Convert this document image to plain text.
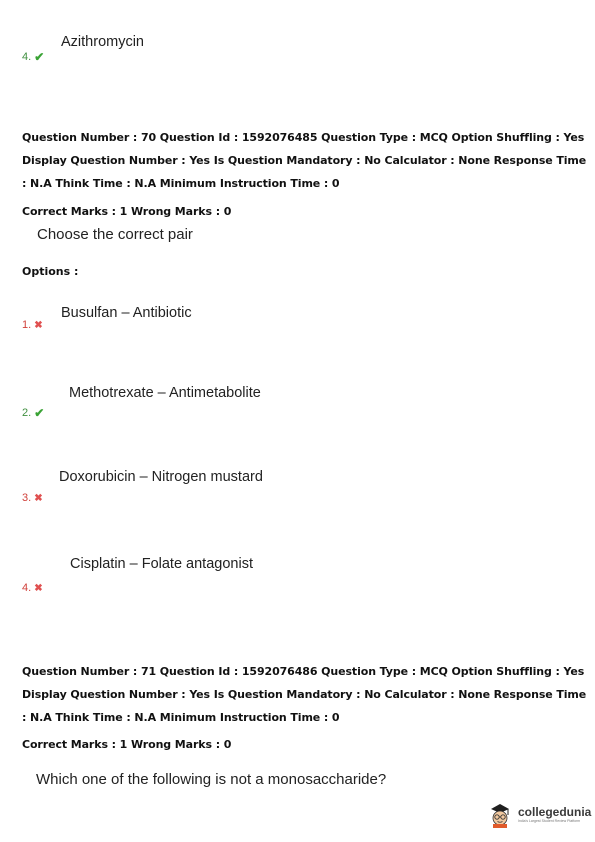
Azithromycin
4. ✔
Question Number : 70 Question Id : 1592076485 Question Type : MCQ Option Shuffling : Yes
Display Question Number : Yes Is Question Mandatory : No Calculator : None Response Time
: N.A Think Time : N.A Minimum Instruction Time : 0
Correct Marks : 1 Wrong Marks : 0
Choose the correct pair
Options :
Busulfan – Antibiotic
1. ✖
Methotrexate – Antimetabolite
2. ✔
Doxorubicin – Nitrogen mustard
3. ✖
Cisplatin – Folate antagonist
4. ✖
Question Number : 71 Question Id : 1592076486 Question Type : MCQ Option Shuffling : Yes
Display Question Number : Yes Is Question Mandatory : No Calculator : None Response Time
: N.A Think Time : N.A Minimum Instruction Time : 0
Correct Marks : 1 Wrong Marks : 0
Which one of the following is not a monosaccharide?
collegedunia
India's Largest Student Review Platform
